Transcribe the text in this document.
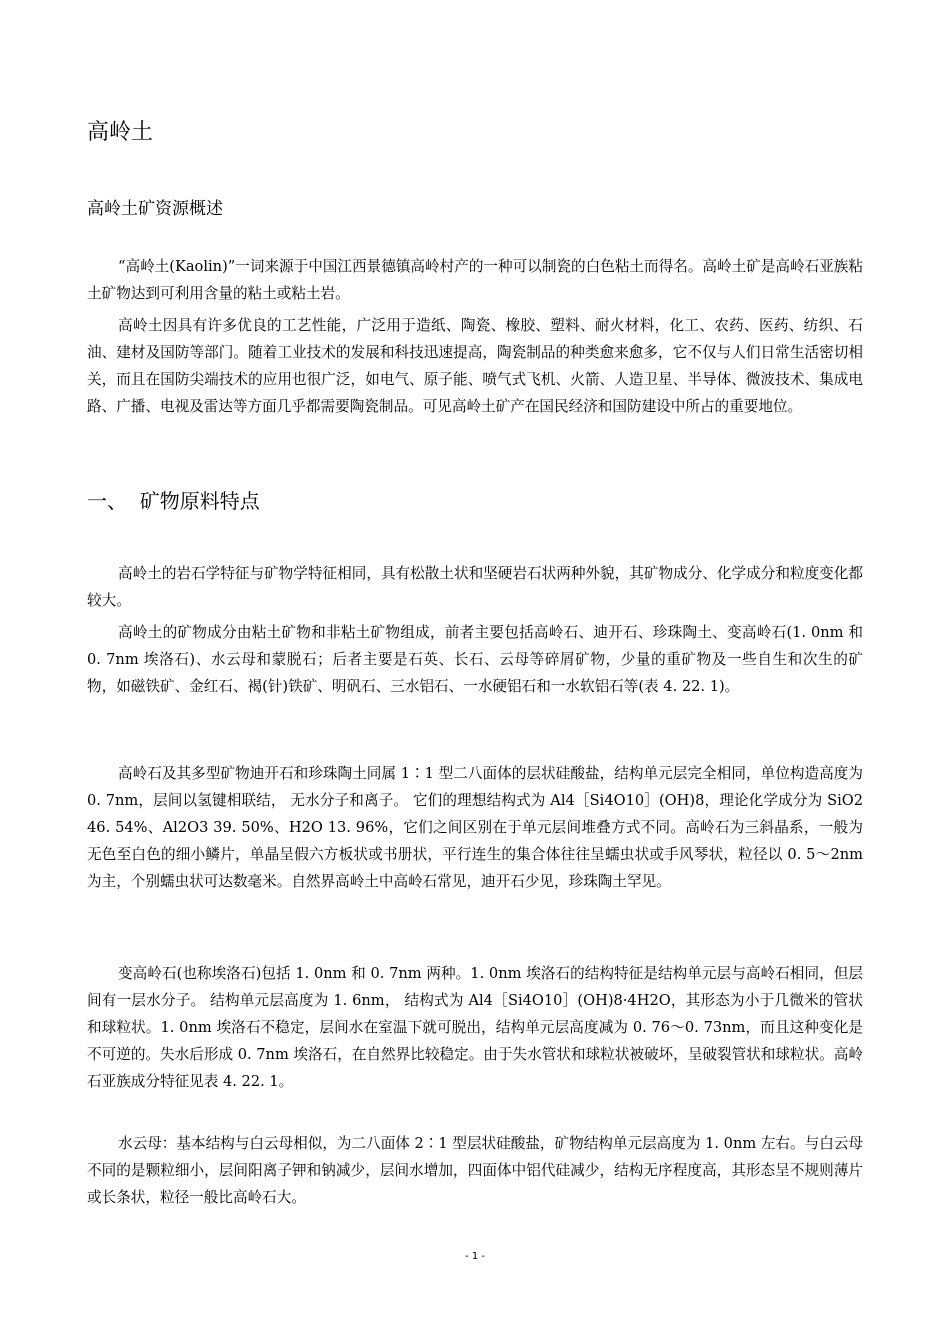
高岭土
高岭土矿资源概述

“高岭土(Kaolin)”一词来源于中国江西景德镇高岭村产的一种可以制瓷的白色粘土而得名。高岭土矿是高岭石亚族粘土矿物达到可利用含量的粘土或粘土岩。

高岭土因具有许多优良的工艺性能，广泛用于造纸、陶瓷、橡胶、塑料、耐火材料，化工、农药、医药、纺织、石油、建材及国防等部门。随着工业技术的发展和科技迅速提高，陶瓷制品的种类愈来愈多，它不仅与人们日常生活密切相关，而且在国防尖端技术的应用也很广泛，如电气、原子能、喷气式飞机、火箭、人造卫星、半导体、微波技术、集成电路、广播、电视及雷达等方面几乎都需要陶瓷制品。可见高岭土矿产在国民经济和国防建设中所占的重要地位。

一、  矿物原料特点

高岭土的岩石学特征与矿物学特征相同，具有松散土状和坚硬岩石状两种外貌，其矿物成分、化学成分和粒度变化都较大。

高岭土的矿物成分由粘土矿物和非粘土矿物组成，前者主要包括高岭石、迪开石、珍珠陶土、变高岭石(1. 0nm 和 0. 7nm 埃洛石)、水云母和蒙脱石；后者主要是石英、长石、云母等碎屑矿物，少量的重矿物及一些自生和次生的矿物，如磁铁矿、金红石、褐(针)铁矿、明矾石、三水铝石、一水硬铝石和一水软铝石等(表 4. 22. 1)。

高岭石及其多型矿物迪开石和珍珠陶土同属 1∶1 型二八面体的层状硅酸盐，结构单元层完全相同，单位构造高度为 0. 7nm，层间以氢键相联结， 无水分子和离子。 它们的理想结构式为 Al4［Si4O10］(OH)8，理论化学成分为 SiO2 46. 54%、Al2O3 39. 50%、H2O 13. 96%，它们之间区别在于单元层间堆叠方式不同。高岭石为三斜晶系，一般为无色至白色的细小鳞片，单晶呈假六方板状或书册状，平行连生的集合体往往呈蠕虫状或手风琴状，粒径以 0. 5～2nm 为主，个别蠕虫状可达数毫米。自然界高岭土中高岭石常见，迪开石少见，珍珠陶土罕见。

变高岭石(也称埃洛石)包括 1. 0nm 和 0. 7nm 两种。1. 0nm 埃洛石的结构特征是结构单元层与高岭石相同，但层间有一层水分子。 结构单元层高度为 1. 6nm， 结构式为 Al4［Si4O10］(OH)8·4H2O，其形态为小于几微米的管状和球粒状。1. 0nm 埃洛石不稳定，层间水在室温下就可脱出，结构单元层高度减为 0. 76～0. 73nm，而且这种变化是不可逆的。失水后形成 0. 7nm 埃洛石，在自然界比较稳定。由于失水管状和球粒状被破坏，呈破裂管状和球粒状。高岭石亚族成分特征见表 4. 22. 1。

水云母：基本结构与白云母相似，为二八面体 2∶1 型层状硅酸盐，矿物结构单元层高度为 1. 0nm 左右。与白云母不同的是颗粒细小，层间阳离子钾和钠减少，层间水增加，四面体中铝代硅减少，结构无序程度高，其形态呈不规则薄片或长条状，粒径一般比高岭石大。

- 1 -
